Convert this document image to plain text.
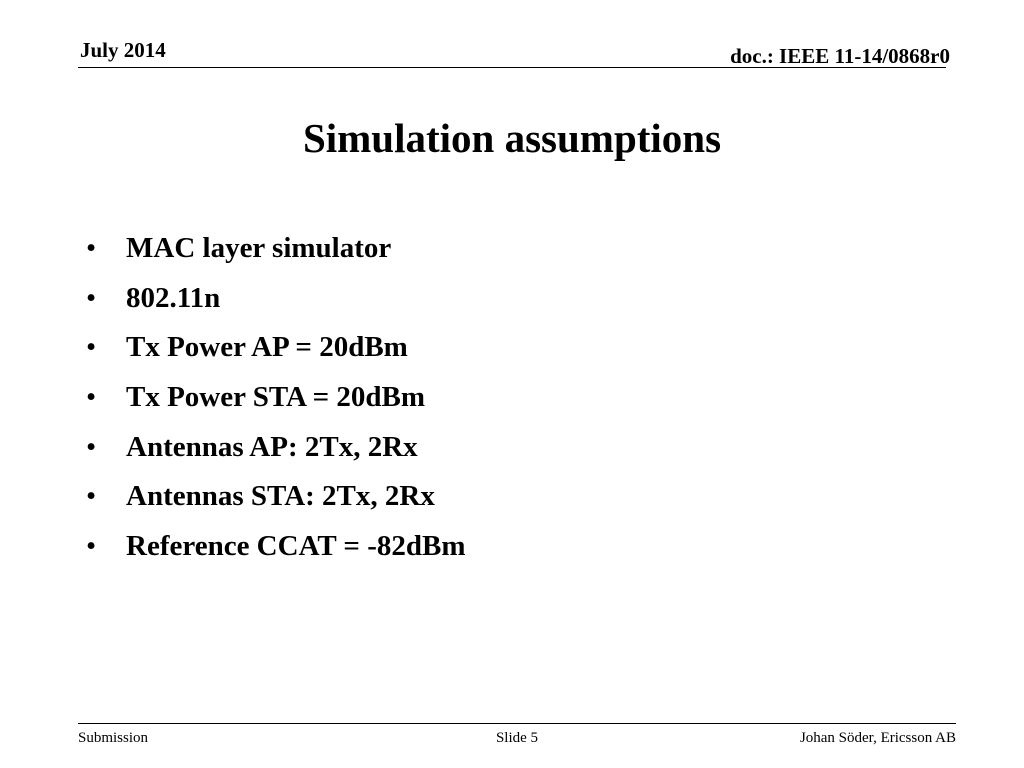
July 2014	doc.: IEEE 11-14/0868r0
Simulation assumptions
•	MAC layer simulator
•	802.11n
•	Tx Power AP = 20dBm
•	Tx Power STA = 20dBm
•	Antennas AP: 2Tx, 2Rx
•	Antennas STA: 2Tx, 2Rx
•	Reference CCAT = -82dBm
Submission	Slide 5	Johan Söder, Ericsson AB
